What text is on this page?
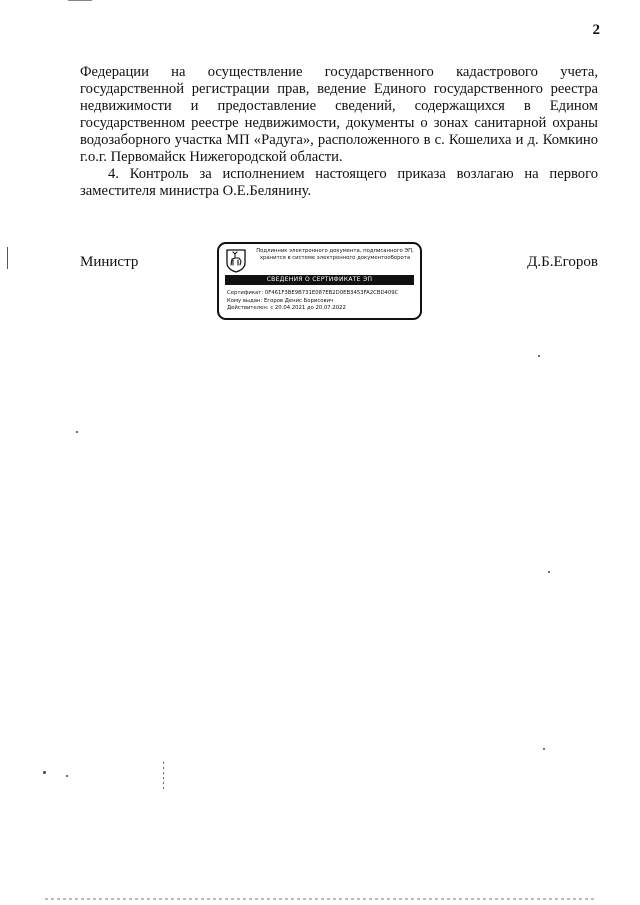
2

Федерации на осуществление государственного кадастрового учета, государственной регистрации прав, ведение Единого государственного реестра недвижимости и предоставление сведений, содержащихся в Едином государственном реестре недвижимости, документы о зонах санитарной охраны водозаборного участка МП «Радуга», расположенного в с. Кошелиха и д. Комкино г.о.г. Первомайск Нижегородской области.

4. Контроль за исполнением настоящего приказа возлагаю на первого заместителя министра О.Е.Белянину.

Министр
Подлинник электронного документа, подписанного ЭП, хранится в системе электронного документооборота
СВЕДЕНИЯ О СЕРТИФИКАТЕ ЭП
Сертификат: 0F461F3BE9B731E087EB2D0EB3453FA2CBD409C
Кому выдан: Егоров Денис Борисович
Действителен: с 20.04.2021 до 20.07.2022
Д.Б.Егоров
